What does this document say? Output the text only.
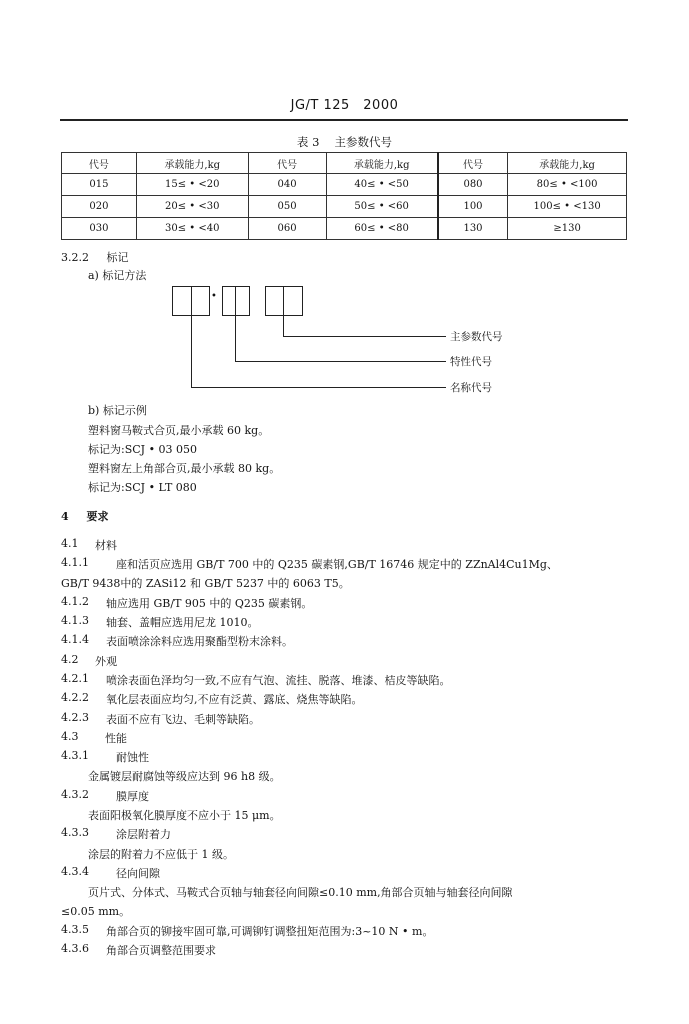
JG/T 125 2000
表 3　 主参数代号
代号	承载能力,kg	代号	承载能力,kg	代号	承载能力,kg
015	15≤ • <20	040	40≤ • <50	080	80≤ • <100
020	20≤ • <30	050	50≤ • <60	100	100≤ • <130
030	30≤ • <40	060	60≤ • <80	130	≥130
3.2.2 标记
a) 标记方法
•
主参数代号
特性代号
名称代号
b) 标记示例
塑料窗马鞍式合页,最小承载 60 kg。
标记为:SCJ • 03 050
塑料窗左上角部合页,最小承载 80 kg。
标记为:SCJ • LT 080
4 要求
4.1 材料
4.1.1 座和活页应选用 GB/T 700 中的 Q235 碳素钢,GB/T 16746 规定中的 ZZnAl4Cu1Mg、
GB/T 9438中的 ZASi12 和 GB/T 5237 中的 6063 T5。
4.1.2 轴应选用 GB/T 905 中的 Q235 碳素钢。
4.1.3 轴套、盖帽应选用尼龙 1010。
4.1.4 表面喷涂涂料应选用聚酯型粉末涂料。
4.2 外观
4.2.1 喷涂表面色泽均匀一致,不应有气泡、流挂、脱落、堆漆、桔皮等缺陷。
4.2.2 氧化层表面应均匀,不应有泛黄、露底、烧焦等缺陷。
4.2.3 表面不应有飞边、毛刺等缺陷。
4.3 性能
4.3.1 耐蚀性
金属镀层耐腐蚀等级应达到 96 h8 级。
4.3.2 膜厚度
表面阳极氧化膜厚度不应小于 15 μm。
4.3.3 涂层附着力
涂层的附着力不应低于 1 级。
4.3.4 径向间隙
页片式、分体式、马鞍式合页轴与轴套径向间隙≤0.10 mm,角部合页轴与轴套径向间隙
≤0.05 mm。
4.3.5 角部合页的铆接牢固可靠,可调铆钉调整扭矩范围为:3~10 N • m。
4.3.6 角部合页调整范围要求
